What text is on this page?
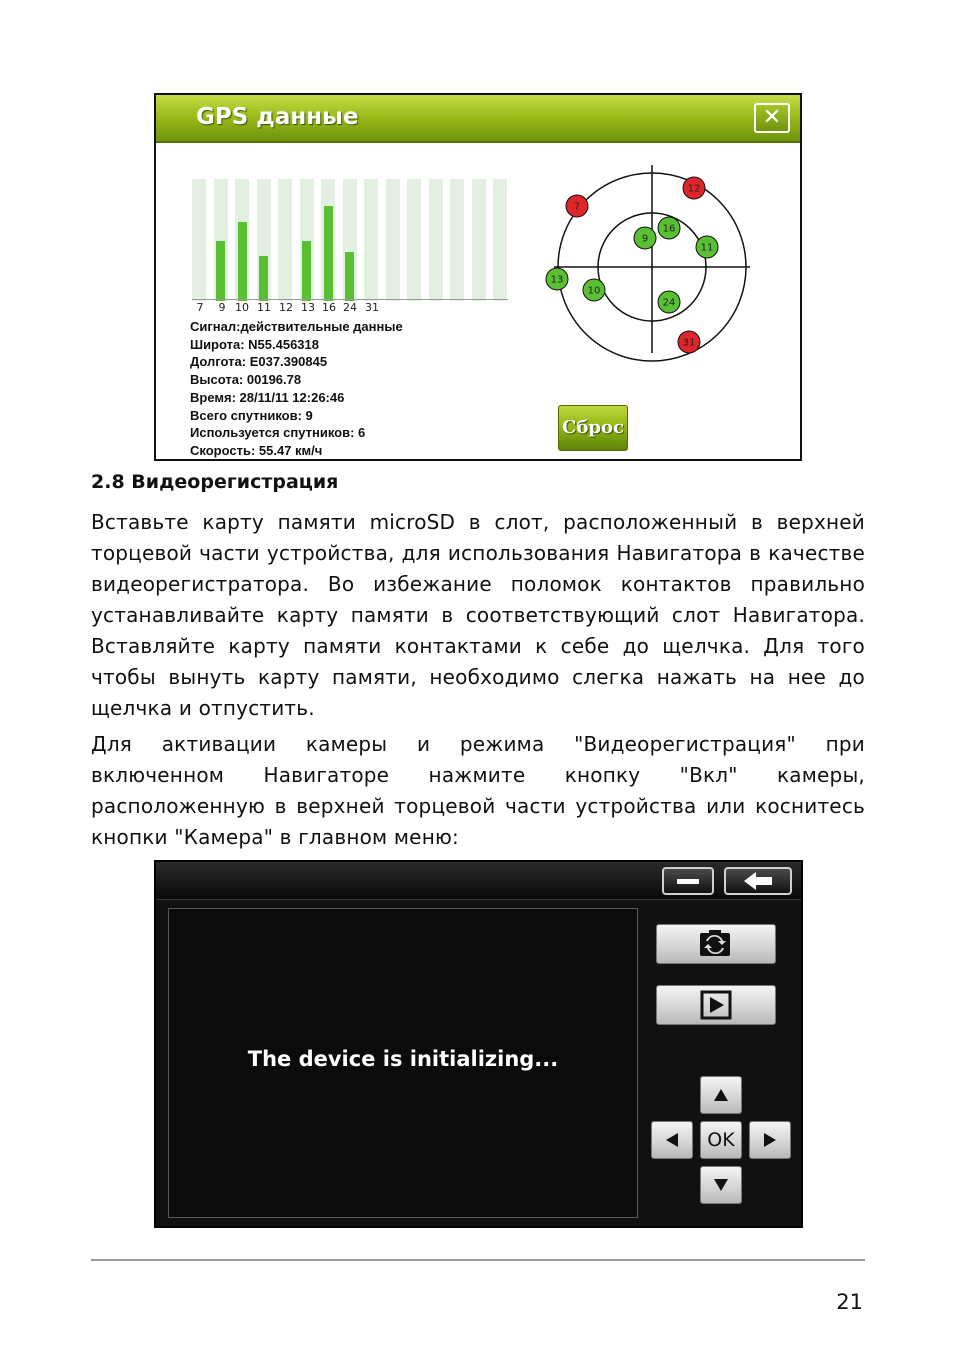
GPS данные	✕
7	9 10 11 12 13 16 24 31
Сигнал:действительные данные
Широта: N55.456318
Долгота: E037.390845
Высота: 00196.78
Время: 28/11/11 12:26:46
Всего спутников: 9
Используется спутников: 6
Скорость: 55.47 км/ч
12
7
16
9
11
13
10
24
31
Сброс
2.8 Видеорегистрация
Вставьте карту памяти microSD в слот, расположенный в верхней торцевой части устройства, для использования Навигатора в качестве видеорегистратора. Во избежание поломок контактов правильно устанавливайте карту памяти в соответствующий слот Навигатора. Вставляйте карту памяти контактами к себе до щелчка. Для того чтобы вынуть карту памяти, необходимо слегка нажать на нее до щелчка и отпустить.
Для активации камеры и режима "Видеорегистрация" при включенном Навигаторе нажмите кнопку "Вкл" камеры, расположенную в верхней торцевой части устройства или коснитесь кнопки "Камера" в главном меню:
The device is initializing...
OK
21
